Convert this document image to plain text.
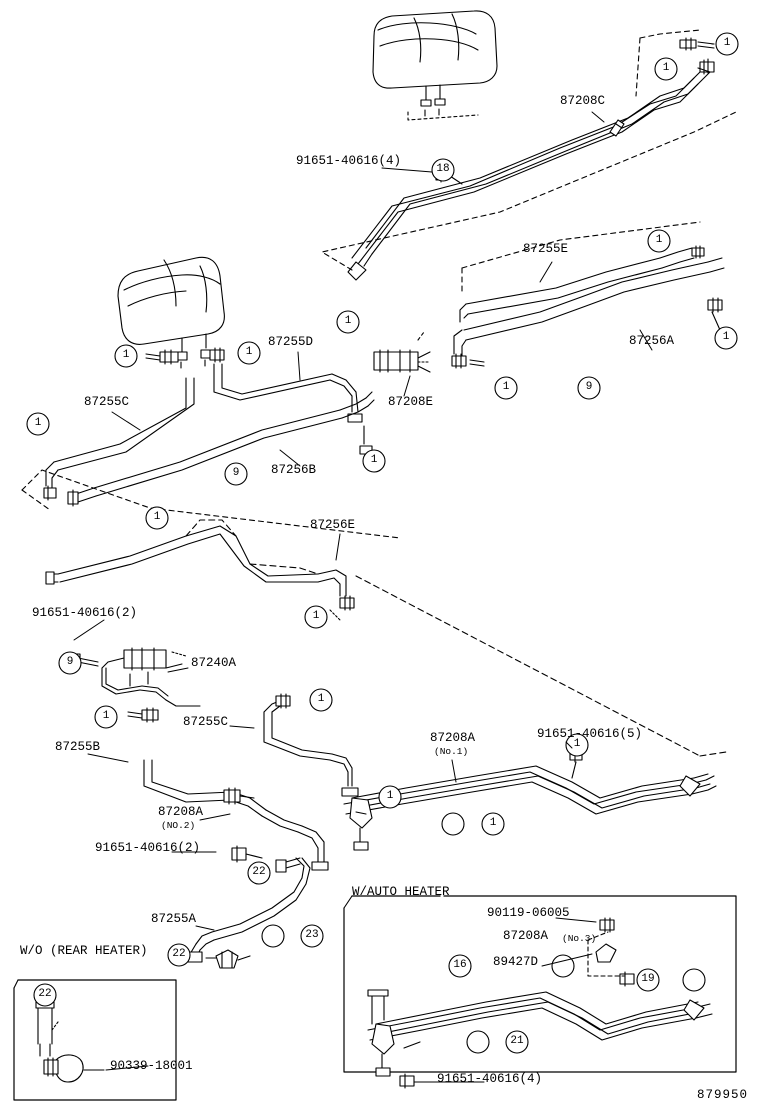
87208C
91651-40616(4)
87255E
87256A
87255D
87255C	87208E
87256B
87256E
91651-40616(2)
87240A
91651-40616(5)
87255C
87255B
87208A
(No.1)
87208A
(NO.2)
91651-40616(2)
87255A	90119-06005
87208A (No.3)
89427D
91651-40616(4)
90339-18001
W/AUTO HEATER
W/O (REAR HEATER)
1
1
18
1
1
9
1
1	1
1
1
1
9
1
1
9
1
1
1
1
1
22
22
23
19
16
21
22
879950
